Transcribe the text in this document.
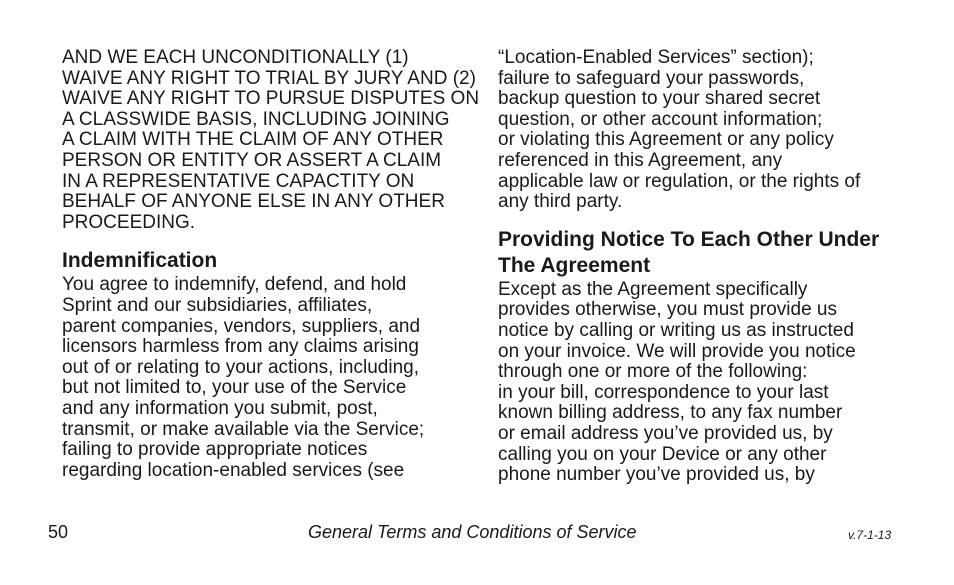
AND WE EACH UNCONDITIONALLY (1)
WAIVE ANY RIGHT TO TRIAL BY JURY AND (2)
WAIVE ANY RIGHT TO PURSUE DISPUTES ON
A CLASSWIDE BASIS, INCLUDING JOINING
A CLAIM WITH THE CLAIM OF ANY OTHER
PERSON OR ENTITY OR ASSERT A CLAIM
IN A REPRESENTATIVE CAPACTITY ON
BEHALF OF ANYONE ELSE IN ANY OTHER
PROCEEDING.

Indemnification

You agree to indemnify, defend, and hold
Sprint and our subsidiaries, affiliates,
parent companies, vendors, suppliers, and
licensors harmless from any claims arising
out of or relating to your actions, including,
but not limited to, your use of the Service
and any information you submit, post,
transmit, or make available via the Service;
failing to provide appropriate notices
regarding location-enabled services (see

“Location-Enabled Services” section);
failure to safeguard your passwords,
backup question to your shared secret
question, or other account information;
or violating this Agreement or any policy
referenced in this Agreement, any
applicable law or regulation, or the rights of
any third party.

Providing Notice To Each Other Under
The Agreement

Except as the Agreement specifically
provides otherwise, you must provide us
notice by calling or writing us as instructed
on your invoice. We will provide you notice
through one or more of the following:
in your bill, correspondence to your last
known billing address, to any fax number
or email address you’ve provided us, by
calling you on your Device or any other
phone number you’ve provided us, by

50	General Terms and Conditions of Service	v.7-1-13
